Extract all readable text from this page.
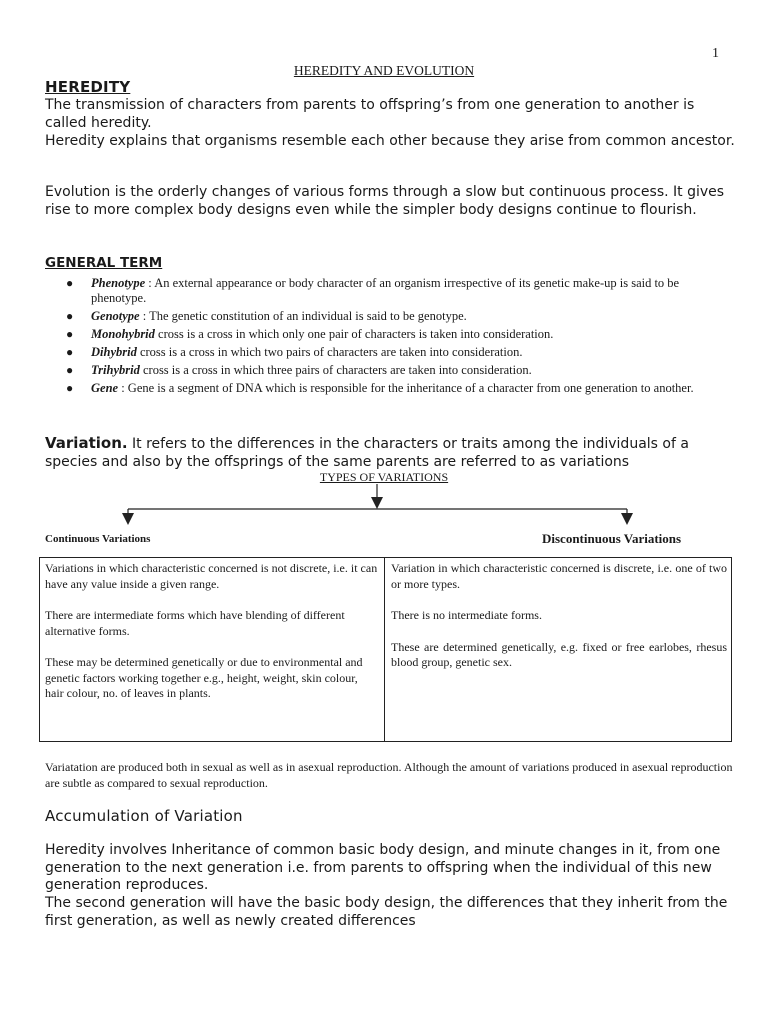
1
HEREDITY AND EVOLUTION
HEREDITY
The transmission of characters from parents to offspring’s from one generation to another is called heredity.
Heredity explains that organisms resemble each other because they arise from common ancestor.
Evolution is the orderly changes of various forms through a slow but continuous process. It gives rise to more complex body designs even while the simpler body designs continue to flourish.
GENERAL TERM
● Phenotype : An external appearance or body character of an organism irrespective of its genetic make-up is said to be phenotype.
● Genotype : The genetic constitution of an individual is said to be genotype.
● Monohybrid cross is a cross in which only one pair of characters is taken into consideration.
● Dihybrid cross is a cross in which two pairs of characters are taken into consideration.
● Trihybrid cross is a cross in which three pairs of characters are taken into consideration.
● Gene : Gene is a segment of DNA which is responsible for the inheritance of a character from one generation to another.
Variation. It refers to the differences in the characters or traits among the individuals of a species and also by the offsprings of the same parents are referred to as variations
TYPES OF VARIATIONS
Continuous Variations	Discontinuous Variations

Variations in which characteristic concerned is not discrete, i.e. it can have any value inside a given range.

There are intermediate forms which have blending of different alternative forms.

These may be determined genetically or due to environmental and genetic factors working together e.g., height, weight, skin colour, hair colour, no. of leaves in plants.

Variation in which characteristic concerned is discrete, i.e. one of two or more types.

There is no intermediate forms.

These are determined genetically, e.g. fixed or free earlobes, rhesus blood group, genetic sex.

Variatation are produced both in sexual as well as in asexual reproduction. Although the amount of variations produced in asexual reproduction are subtle as compared to sexual reproduction.
Accumulation of Variation
Heredity involves Inheritance of common basic body design, and minute changes in it, from one generation to the next generation i.e. from parents to offspring when the individual of this new generation reproduces.
The second generation will have the basic body design, the differences that they inherit from the first generation, as well as newly created differences
